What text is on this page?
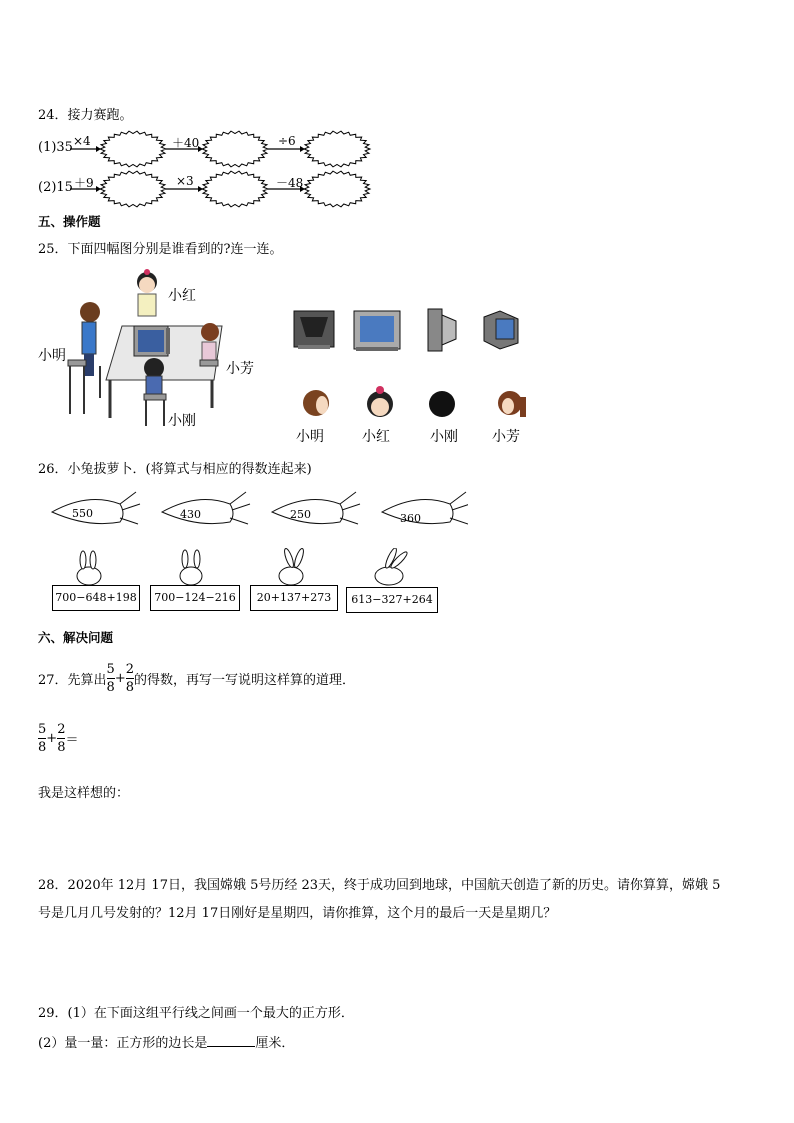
24．接力赛跑。
(1)35 ×4	＋40	÷6
(2)15 ＋9	×3	－48
五、操作题
25．下面四幅图分别是谁看到的?连一连。
小红
小明
小芳
小刚
小明	小红	小刚 小芳
26．小兔拔萝卜．(将算式与相应的得数连起来)
550	430	250	360
700−648+198	700−124−216	20+137+273	613−327+264
六、解决问题
27．先算出 $\frac{5}{8} + \frac{2}{8}$ 的得数，再写一写说明这样算的道理．
$\frac{5}{8} + \frac{2}{8}$ ＝
我是这样想的：
28．2020年 12月 17日，我国嫦娥 5号历经 23天，终于成功回到地球，中国航天创造了新的历史。请你算算，嫦娥 5
号是几月几号发射的？12月 17日刚好是星期四，请你推算，这个月的最后一天是星期几？
29．(1）在下面这组平行线之间画一个最大的正方形．
(2）量一量：正方形的边长是	厘米．
